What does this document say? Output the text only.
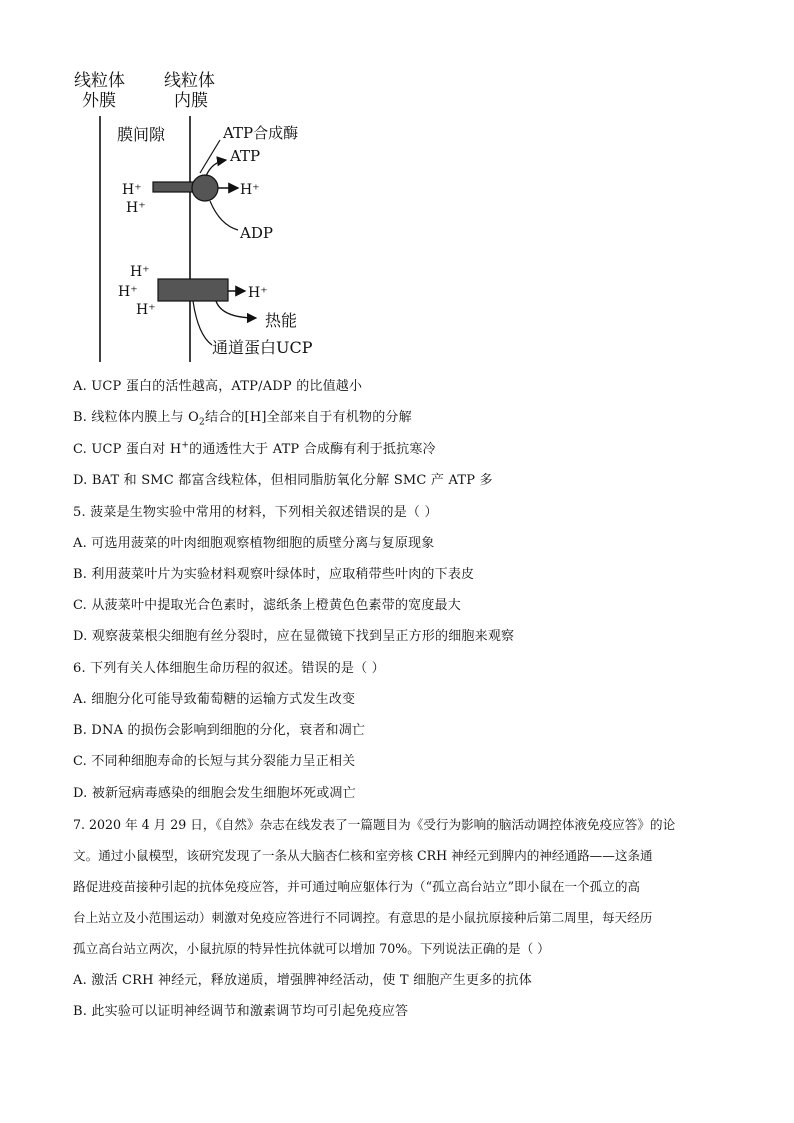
线粒体
外膜
线粒体
内膜
膜间隙
H⁺
H⁺
H⁺
ATP合成酶
ATP
ADP
H⁺
H⁺
H⁺
H⁺
热能
通道蛋白UCP
A. UCP 蛋白的活性越高，ATP/ADP 的比值越小
B. 线粒体内膜上与 $O_2$结合的[H]全部来自于有机物的分解
C. UCP 蛋白对 H+的通透性大于 ATP 合成酶有利于抵抗寒冷
D. BAT 和 SMC 都富含线粒体，但相同脂肪氧化分解 SMC 产 ATP 多
5. 菠菜是生物实验中常用的材料，下列相关叙述错误的是（ ）
A. 可选用菠菜的叶肉细胞观察植物细胞的质壁分离与复原现象
B. 利用菠菜叶片为实验材料观察叶绿体时，应取稍带些叶肉的下表皮
C. 从菠菜叶中提取光合色素时，滤纸条上橙黄色色素带的宽度最大
D. 观察菠菜根尖细胞有丝分裂时，应在显微镜下找到呈正方形的细胞来观察
6. 下列有关人体细胞生命历程的叙述。错误的是（ ）
A. 细胞分化可能导致葡萄糖的运输方式发生改变
B. DNA 的损伤会影响到细胞的分化，衰者和凋亡
C. 不同种细胞寿命的长短与其分裂能力呈正相关
D. 被新冠病毒感染的细胞会发生细胞坏死或凋亡
7. 2020 年 4 月 29 日，《自然》杂志在线发表了一篇题目为《受行为影响的脑活动调控体液免疫应答》的论
文。通过小鼠模型，该研究发现了一条从大脑杏仁核和室旁核 CRH 神经元到脾内的神经通路——这条通
路促进疫苗接种引起的抗体免疫应答，并可通过响应躯体行为（“孤立高台站立”即小鼠在一个孤立的高
台上站立及小范围运动）刺激对免疫应答进行不同调控。有意思的是小鼠抗原接种后第二周里，每天经历
孤立高台站立两次，小鼠抗原的特异性抗体就可以增加 70%。下列说法正确的是（ ）
A. 激活 CRH 神经元，释放递质，增强脾神经活动，使 T 细胞产生更多的抗体
B. 此实验可以证明神经调节和激素调节均可引起免疫应答
